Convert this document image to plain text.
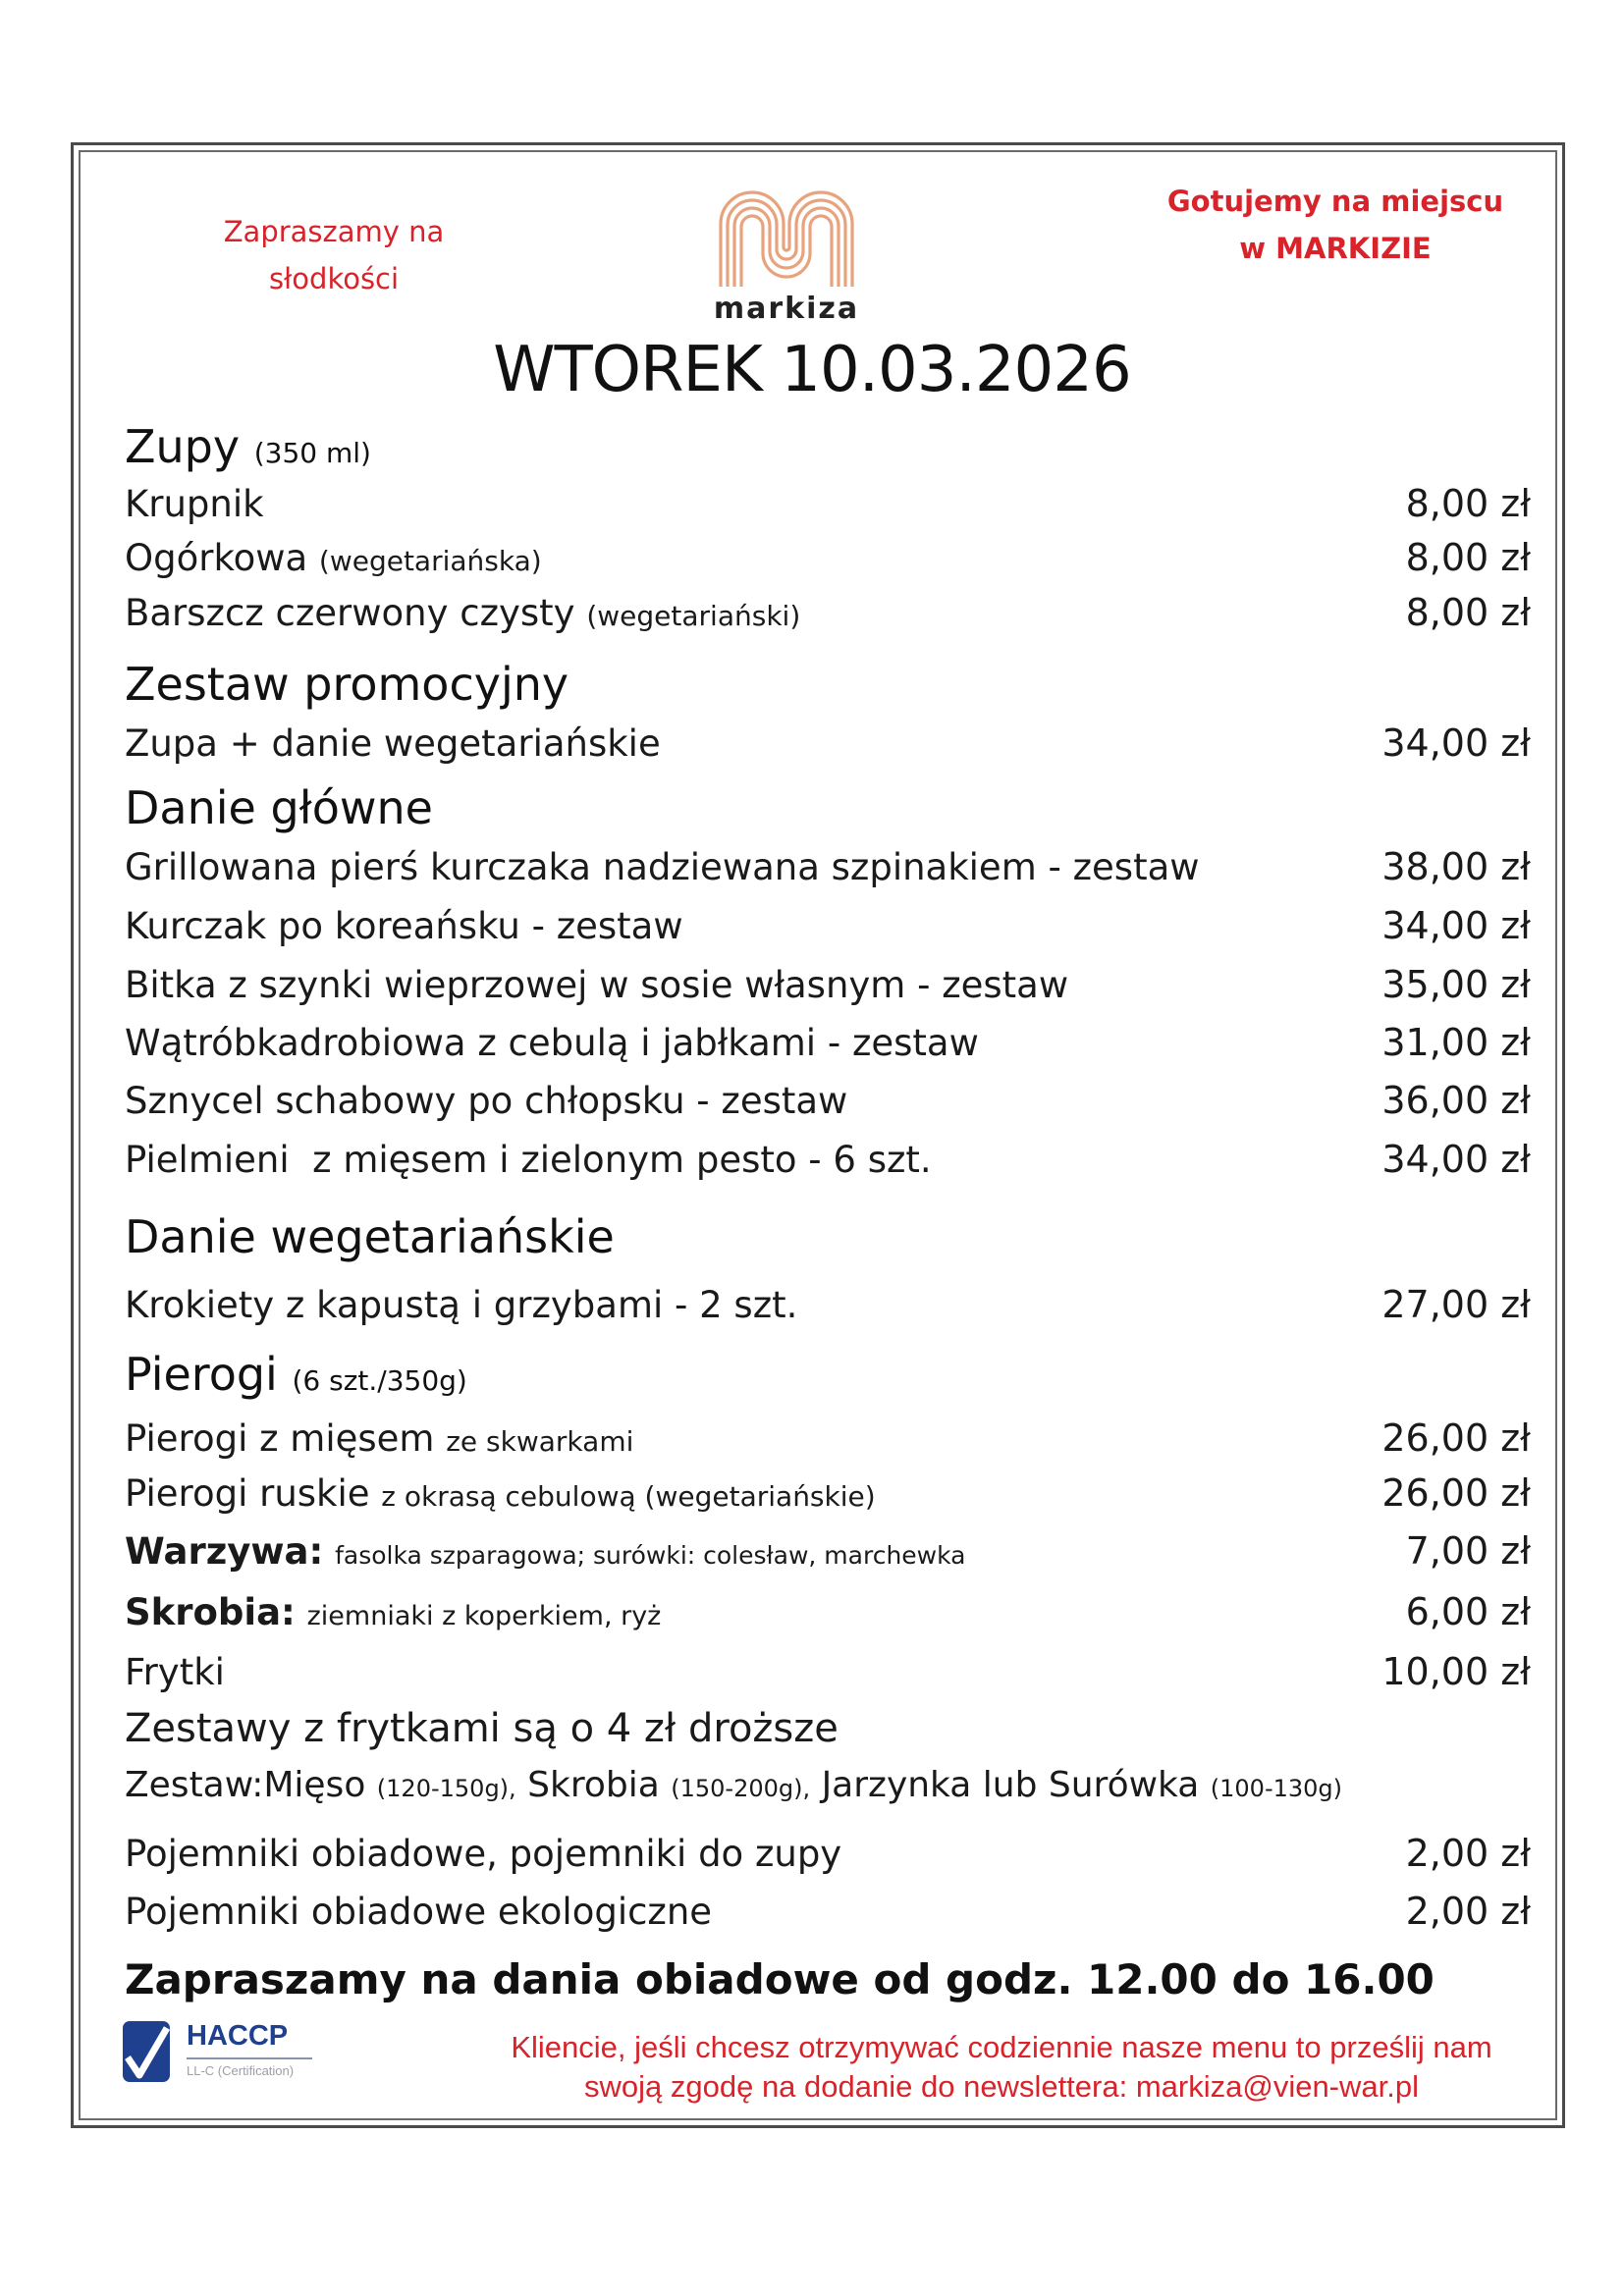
Zapraszamy na
słodkości
Gotujemy na miejscu
w MARKIZIE
markiza
WTOREK 10.03.2026
Zupy (350 ml)
Krupnik	8,00 zł
Ogórkowa (wegetariańska)	8,00 zł
Barszcz czerwony czysty (wegetariański)	8,00 zł
Zestaw promocyjny
Zupa + danie wegetariańskie	34,00 zł
Danie główne
Grillowana pierś kurczaka nadziewana szpinakiem - zestaw	38,00 zł
Kurczak po koreańsku - zestaw	34,00 zł
Bitka z szynki wieprzowej w sosie własnym - zestaw	35,00 zł
Wątróbkadrobiowa z cebulą i jabłkami - zestaw	31,00 zł
Sznycel schabowy po chłopsku - zestaw	36,00 zł
Pielmieni  z mięsem i zielonym pesto - 6 szt.	34,00 zł
Danie wegetariańskie
Krokiety z kapustą i grzybami - 2 szt.	27,00 zł
Pierogi (6 szt./350g)
Pierogi z mięsem ze skwarkami	26,00 zł
Pierogi ruskie z okrasą cebulową (wegetariańskie)	26,00 zł
Warzywa: fasolka szparagowa; surówki: colesław, marchewka	7,00 zł
Skrobia: ziemniaki z koperkiem, ryż	6,00 zł
Frytki	10,00 zł
Zestawy z frytkami są o 4 zł droższe
Zestaw:Mięso (120-150g), Skrobia (150-200g), Jarzynka lub Surówka (100-130g)
Pojemniki obiadowe, pojemniki do zupy	2,00 zł
Pojemniki obiadowe ekologiczne	2,00 zł
Zapraszamy na dania obiadowe od godz. 12.00 do 16.00
HACCP
LL-C (Certification)
Kliencie, jeśli chcesz otrzymywać codziennie nasze menu to prześlij nam
swoją zgodę na dodanie do newslettera: markiza@vien-war.pl
